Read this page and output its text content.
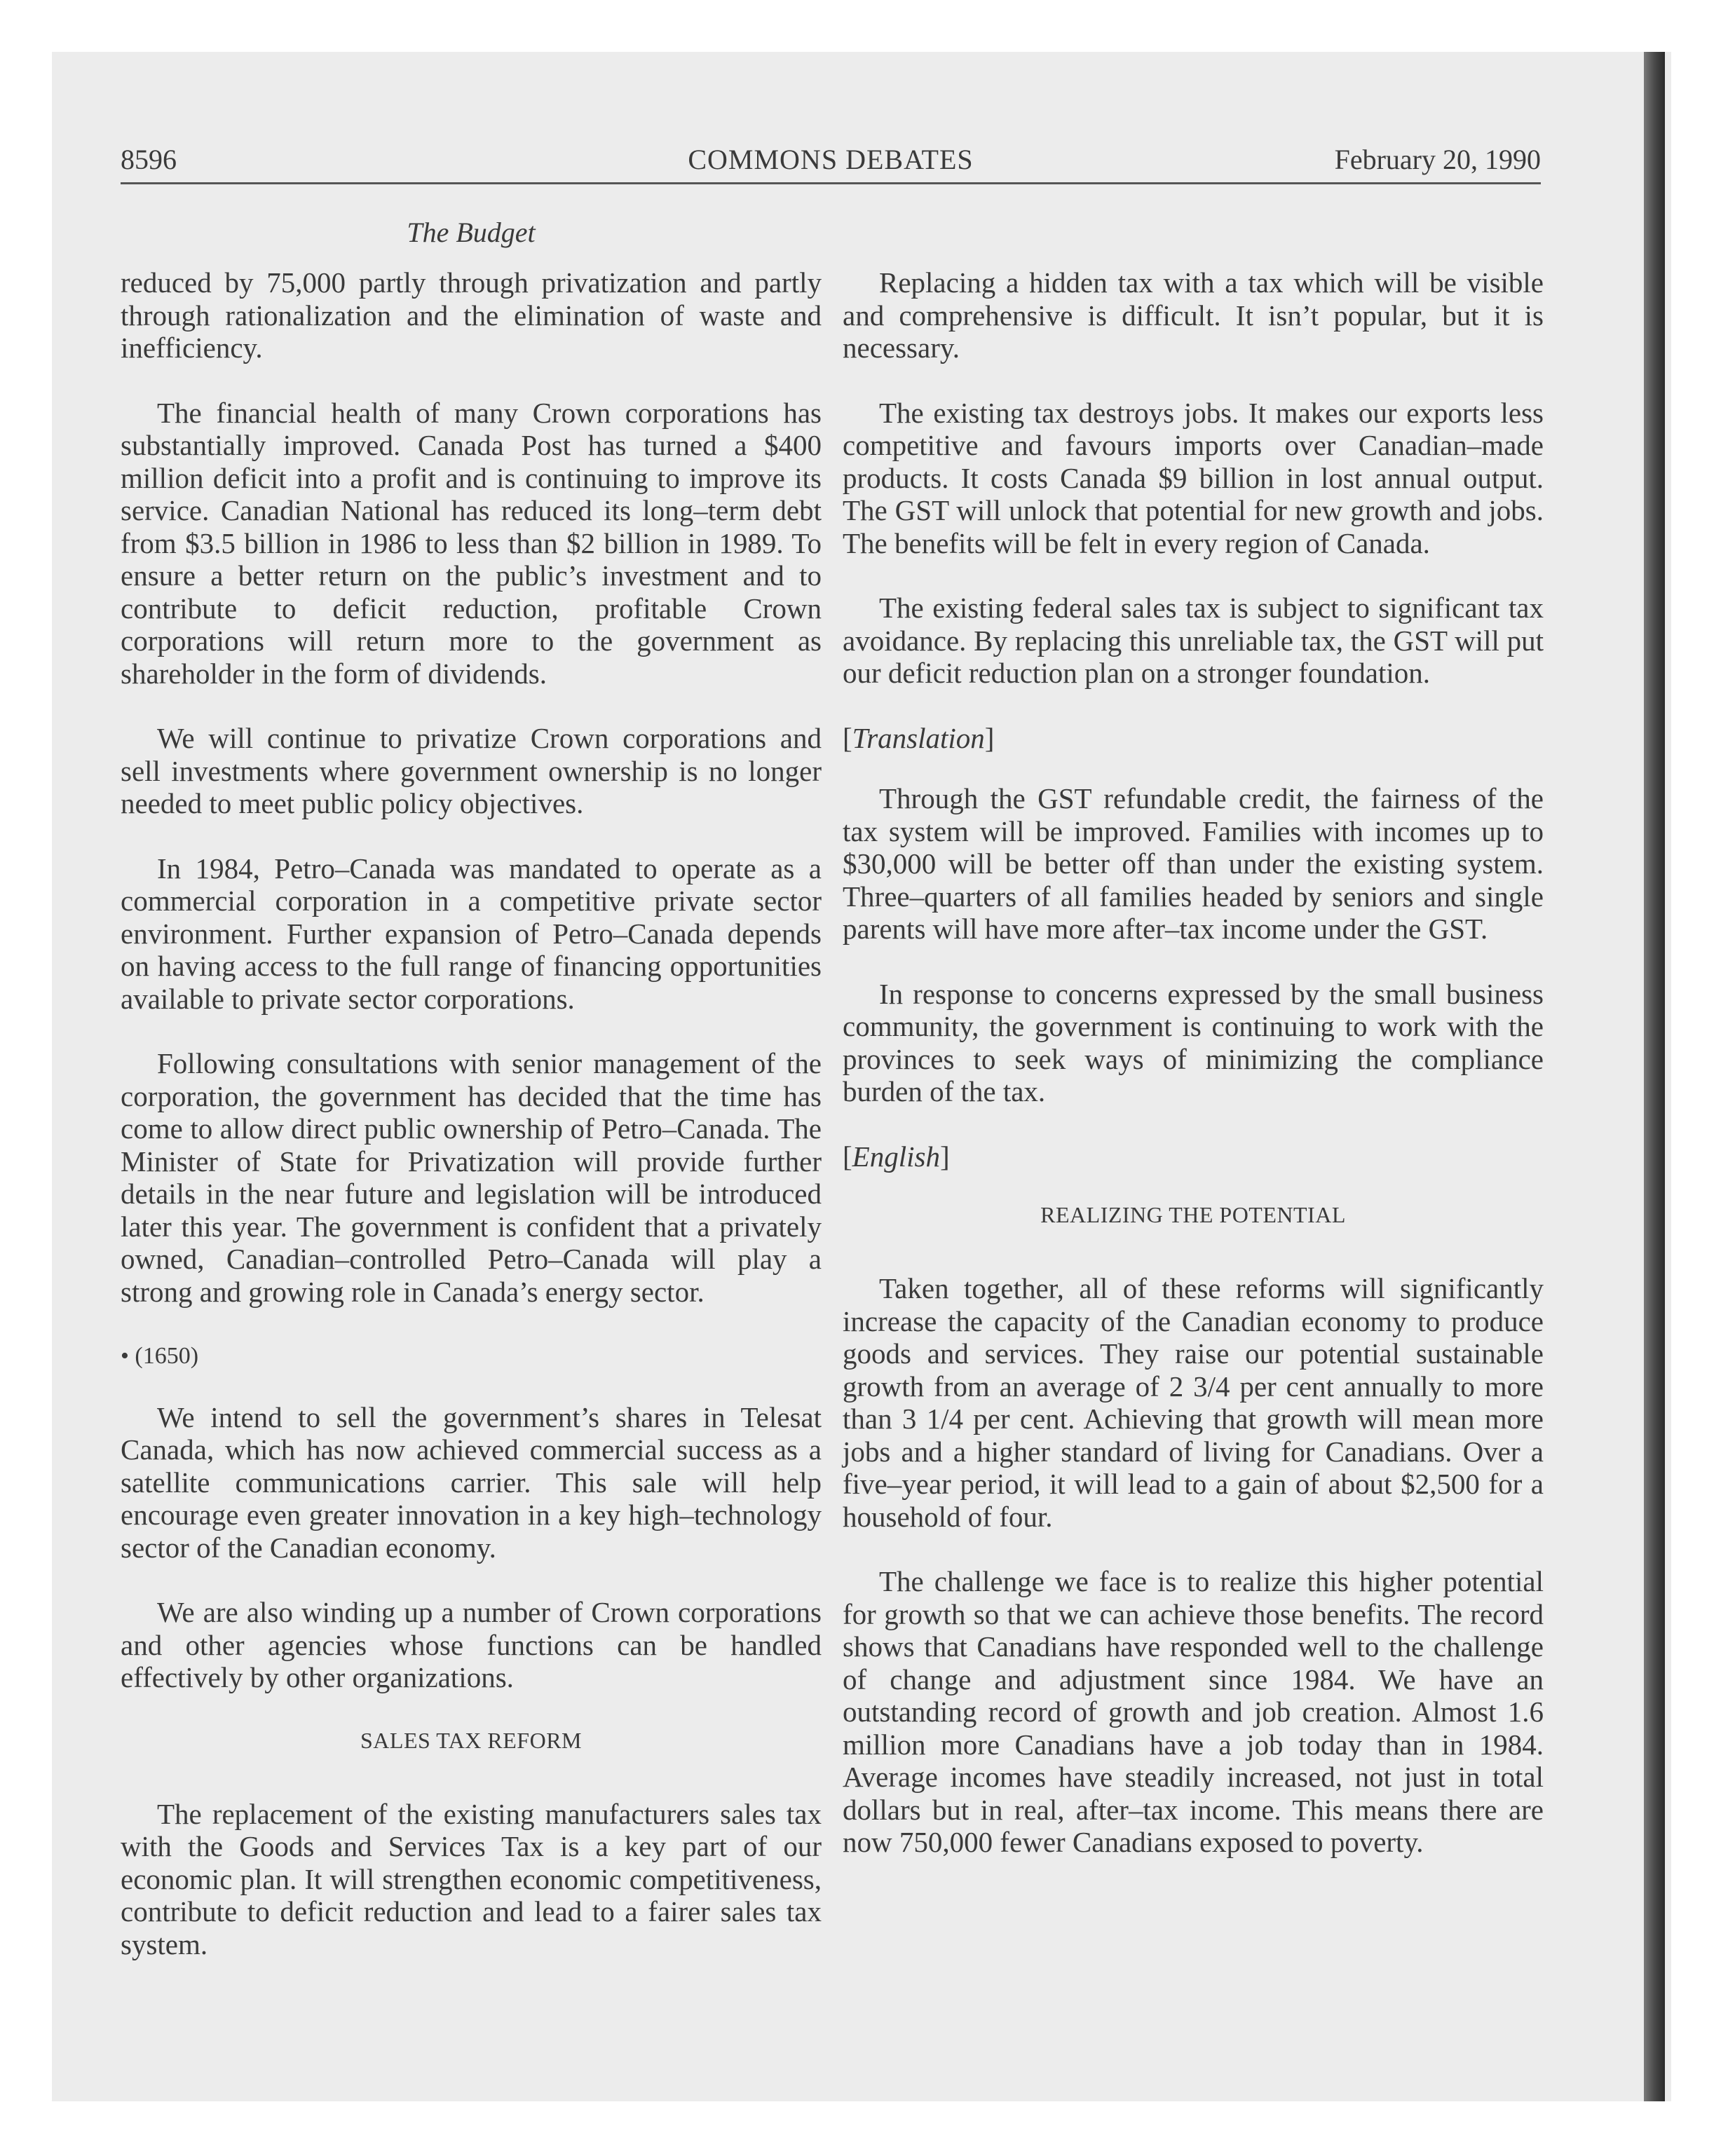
COMMONS DEBATES
8596	February 20, 1990
The Budget

reduced by 75,000 partly through privatization and partly through rationalization and the elimination of waste and inefficiency.

The financial health of many Crown corporations has substantially improved. Canada Post has turned a $400 million deficit into a profit and is continuing to improve its service. Canadian National has reduced its long–term debt from $3.5 billion in 1986 to less than $2 billion in 1989. To ensure a better return on the public’s investment and to contribute to deficit reduction, profitable Crown corporations will return more to the government as shareholder in the form of dividends.

We will continue to privatize Crown corporations and sell investments where government ownership is no longer needed to meet public policy objectives.

In 1984, Petro–Canada was mandated to operate as a commercial corporation in a competitive private sector environment. Further expansion of Petro–Canada depends on having access to the full range of financing opportunities available to private sector corporations.

Following consultations with senior management of the corporation, the government has decided that the time has come to allow direct public ownership of Petro–Canada. The Minister of State for Privatization will provide further details in the near future and legislation will be introduced later this year. The government is confident that a privately owned, Canadian–controlled Petro–Canada will play a strong and growing role in Canada’s energy sector.

• (1650)

We intend to sell the government’s shares in Telesat Canada, which has now achieved commercial success as a satellite communications carrier. This sale will help encourage even greater innovation in a key high–technology sector of the Canadian economy.

We are also winding up a number of Crown corporations and other agencies whose functions can be handled effectively by other organizations.

SALES TAX REFORM

The replacement of the existing manufacturers sales tax with the Goods and Services Tax is a key part of our economic plan. It will strengthen economic competitiveness, contribute to deficit reduction and lead to a fairer sales tax system.

Replacing a hidden tax with a tax which will be visible and comprehensive is difficult. It isn’t popular, but it is necessary.

The existing tax destroys jobs. It makes our exports less competitive and favours imports over Canadian–made products. It costs Canada $9 billion in lost annual output. The GST will unlock that potential for new growth and jobs. The benefits will be felt in every region of Canada.

The existing federal sales tax is subject to significant tax avoidance. By replacing this unreliable tax, the GST will put our deficit reduction plan on a stronger foundation.

[Translation]

Through the GST refundable credit, the fairness of the tax system will be improved. Families with incomes up to $30,000 will be better off than under the existing system. Three–quarters of all families headed by seniors and single parents will have more after–tax income under the GST.

In response to concerns expressed by the small business community, the government is continuing to work with the provinces to seek ways of minimizing the compliance burden of the tax.

[English]
REALIZING THE POTENTIAL

Taken together, all of these reforms will significantly increase the capacity of the Canadian economy to produce goods and services. They raise our potential sustainable growth from an average of 2 3/4 per cent annually to more than 3 1/4 per cent. Achieving that growth will mean more jobs and a higher standard of living for Canadians. Over a five–year period, it will lead to a gain of about $2,500 for a household of four.

The challenge we face is to realize this higher potential for growth so that we can achieve those benefits. The record shows that Canadians have responded well to the challenge of change and adjustment since 1984. We have an outstanding record of growth and job creation. Almost 1.6 million more Canadians have a job today than in 1984. Average incomes have steadily increased, not just in total dollars but in real, after–tax income. This means there are now 750,000 fewer Canadians exposed to poverty.
